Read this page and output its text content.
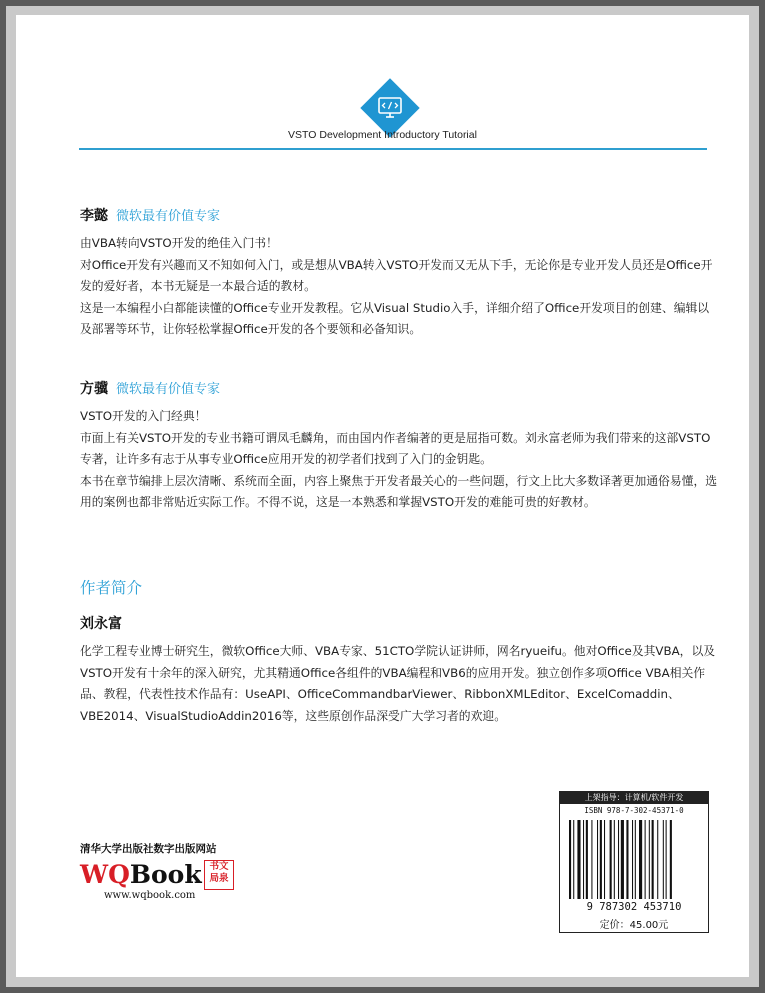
VSTO Development Introductory Tutorial
李懿 微软最有价值专家

由VBA转向VSTO开发的绝佳入门书！

对Office开发有兴趣而又不知如何入门，或是想从VBA转入VSTO开发而又无从下手，无论你是专业开发人员还是Office开发的爱好者，本书无疑是一本最合适的教材。

这是一本编程小白都能读懂的Office专业开发教程。它从Visual Studio入手，详细介绍了Office开发项目的创建、编辑以及部署等环节，让你轻松掌握Office开发的各个要领和必备知识。

方骥 微软最有价值专家

VSTO开发的入门经典！

市面上有关VSTO开发的专业书籍可谓凤毛麟角，而由国内作者编著的更是屈指可数。刘永富老师为我们带来的这部VSTO专著，让许多有志于从事专业Office应用开发的初学者们找到了入门的金钥匙。

本书在章节编排上层次清晰、系统而全面，内容上聚焦于开发者最关心的一些问题，行文上比大多数译著更加通俗易懂，选用的案例也都非常贴近实际工作。不得不说，这是一本熟悉和掌握VSTO开发的难能可贵的好教材。

作者简介
刘永富

化学工程专业博士研究生，微软Office大师、VBA专家、51CTO学院认证讲师，网名ryueifu。他对Office及其VBA，以及VSTO开发有十余年的深入研究，尤其精通Office各组件的VBA编程和VB6的应用开发。独立创作多项Office VBA相关作品、教程，代表性技术作品有：UseAPI、OfficeCommandbarViewer、RibbonXMLEditor、ExcelComaddin、VBE2014、VisualStudioAddin2016等，这些原创作品深受广大学习者的欢迎。

清华大学出版社数字出版网站
WQBook 书文局泉
www.wqbook.com
上架指导：计算机/软件开发
ISBN 978-7-302-45371-0
9 787302 453710
定价：45.00元
